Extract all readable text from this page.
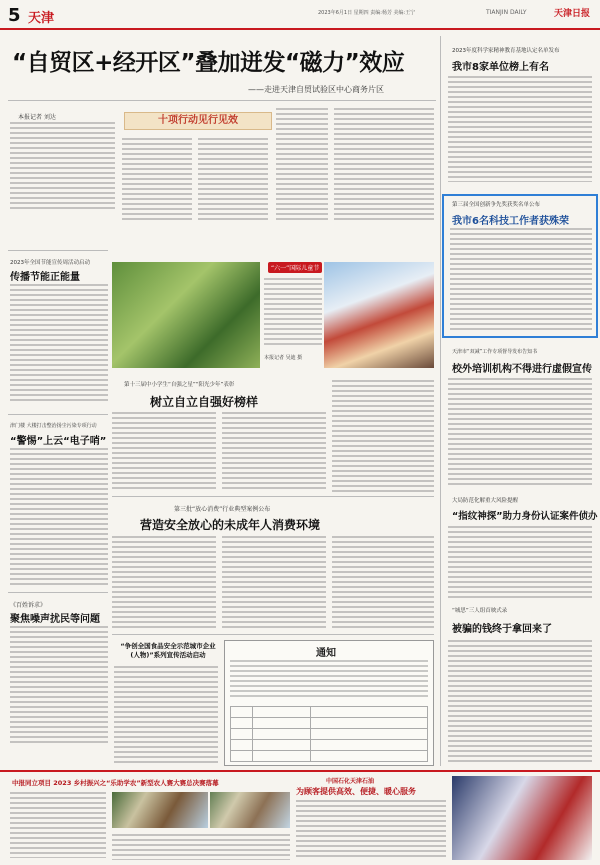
5 天津	2023年6月1日 星期四 责编:杨芳 美编:王宁	TIANJIN DAILY	天津日报
“自贸区+经开区”叠加迸发“磁力”效应
——走进天津自贸试验区中心商务片区
本报记者 刘达	十项行动见行见效
2023年全国节能宣传周活动启动
传播节能正能量
津门楼 大楼打击整治扬尘污染专项行动
“警惕”上云“电子哨”
《百姓诉求》
聚焦噪声扰民等问题
“六一”国际儿童节
本报记者 吴迪 摄
第十三届中小学生“自强之星”“阳光少年”表彰
树立自立自强好榜样
第三批“放心消费”行业典型案例公布
营造安全放心的未成年人消费环境
2023年度科学家精神教育基地认定名单发布
我市8家单位榜上有名
第三届全国创新争先奖获奖名单公布
我市6名科技工作者获殊荣
天津市“双减”工作专项督导发布告知书
校外培训机构不得进行虚假宣传
大局防范化解重大风险提醒
“指纹神探”助力身份认证案件侦办
“城思”三人组首映式录
被骗的钱终于拿回来了
“争创全国食品安全示范城市企业(人物)”系列宣传活动启动	通知
中报同立项目 2023 乡村振兴之“乐助学农”新型农人赛大赛总决赛落幕	中国石化天津石油
为顾客提供高效、便捷、暖心服务
